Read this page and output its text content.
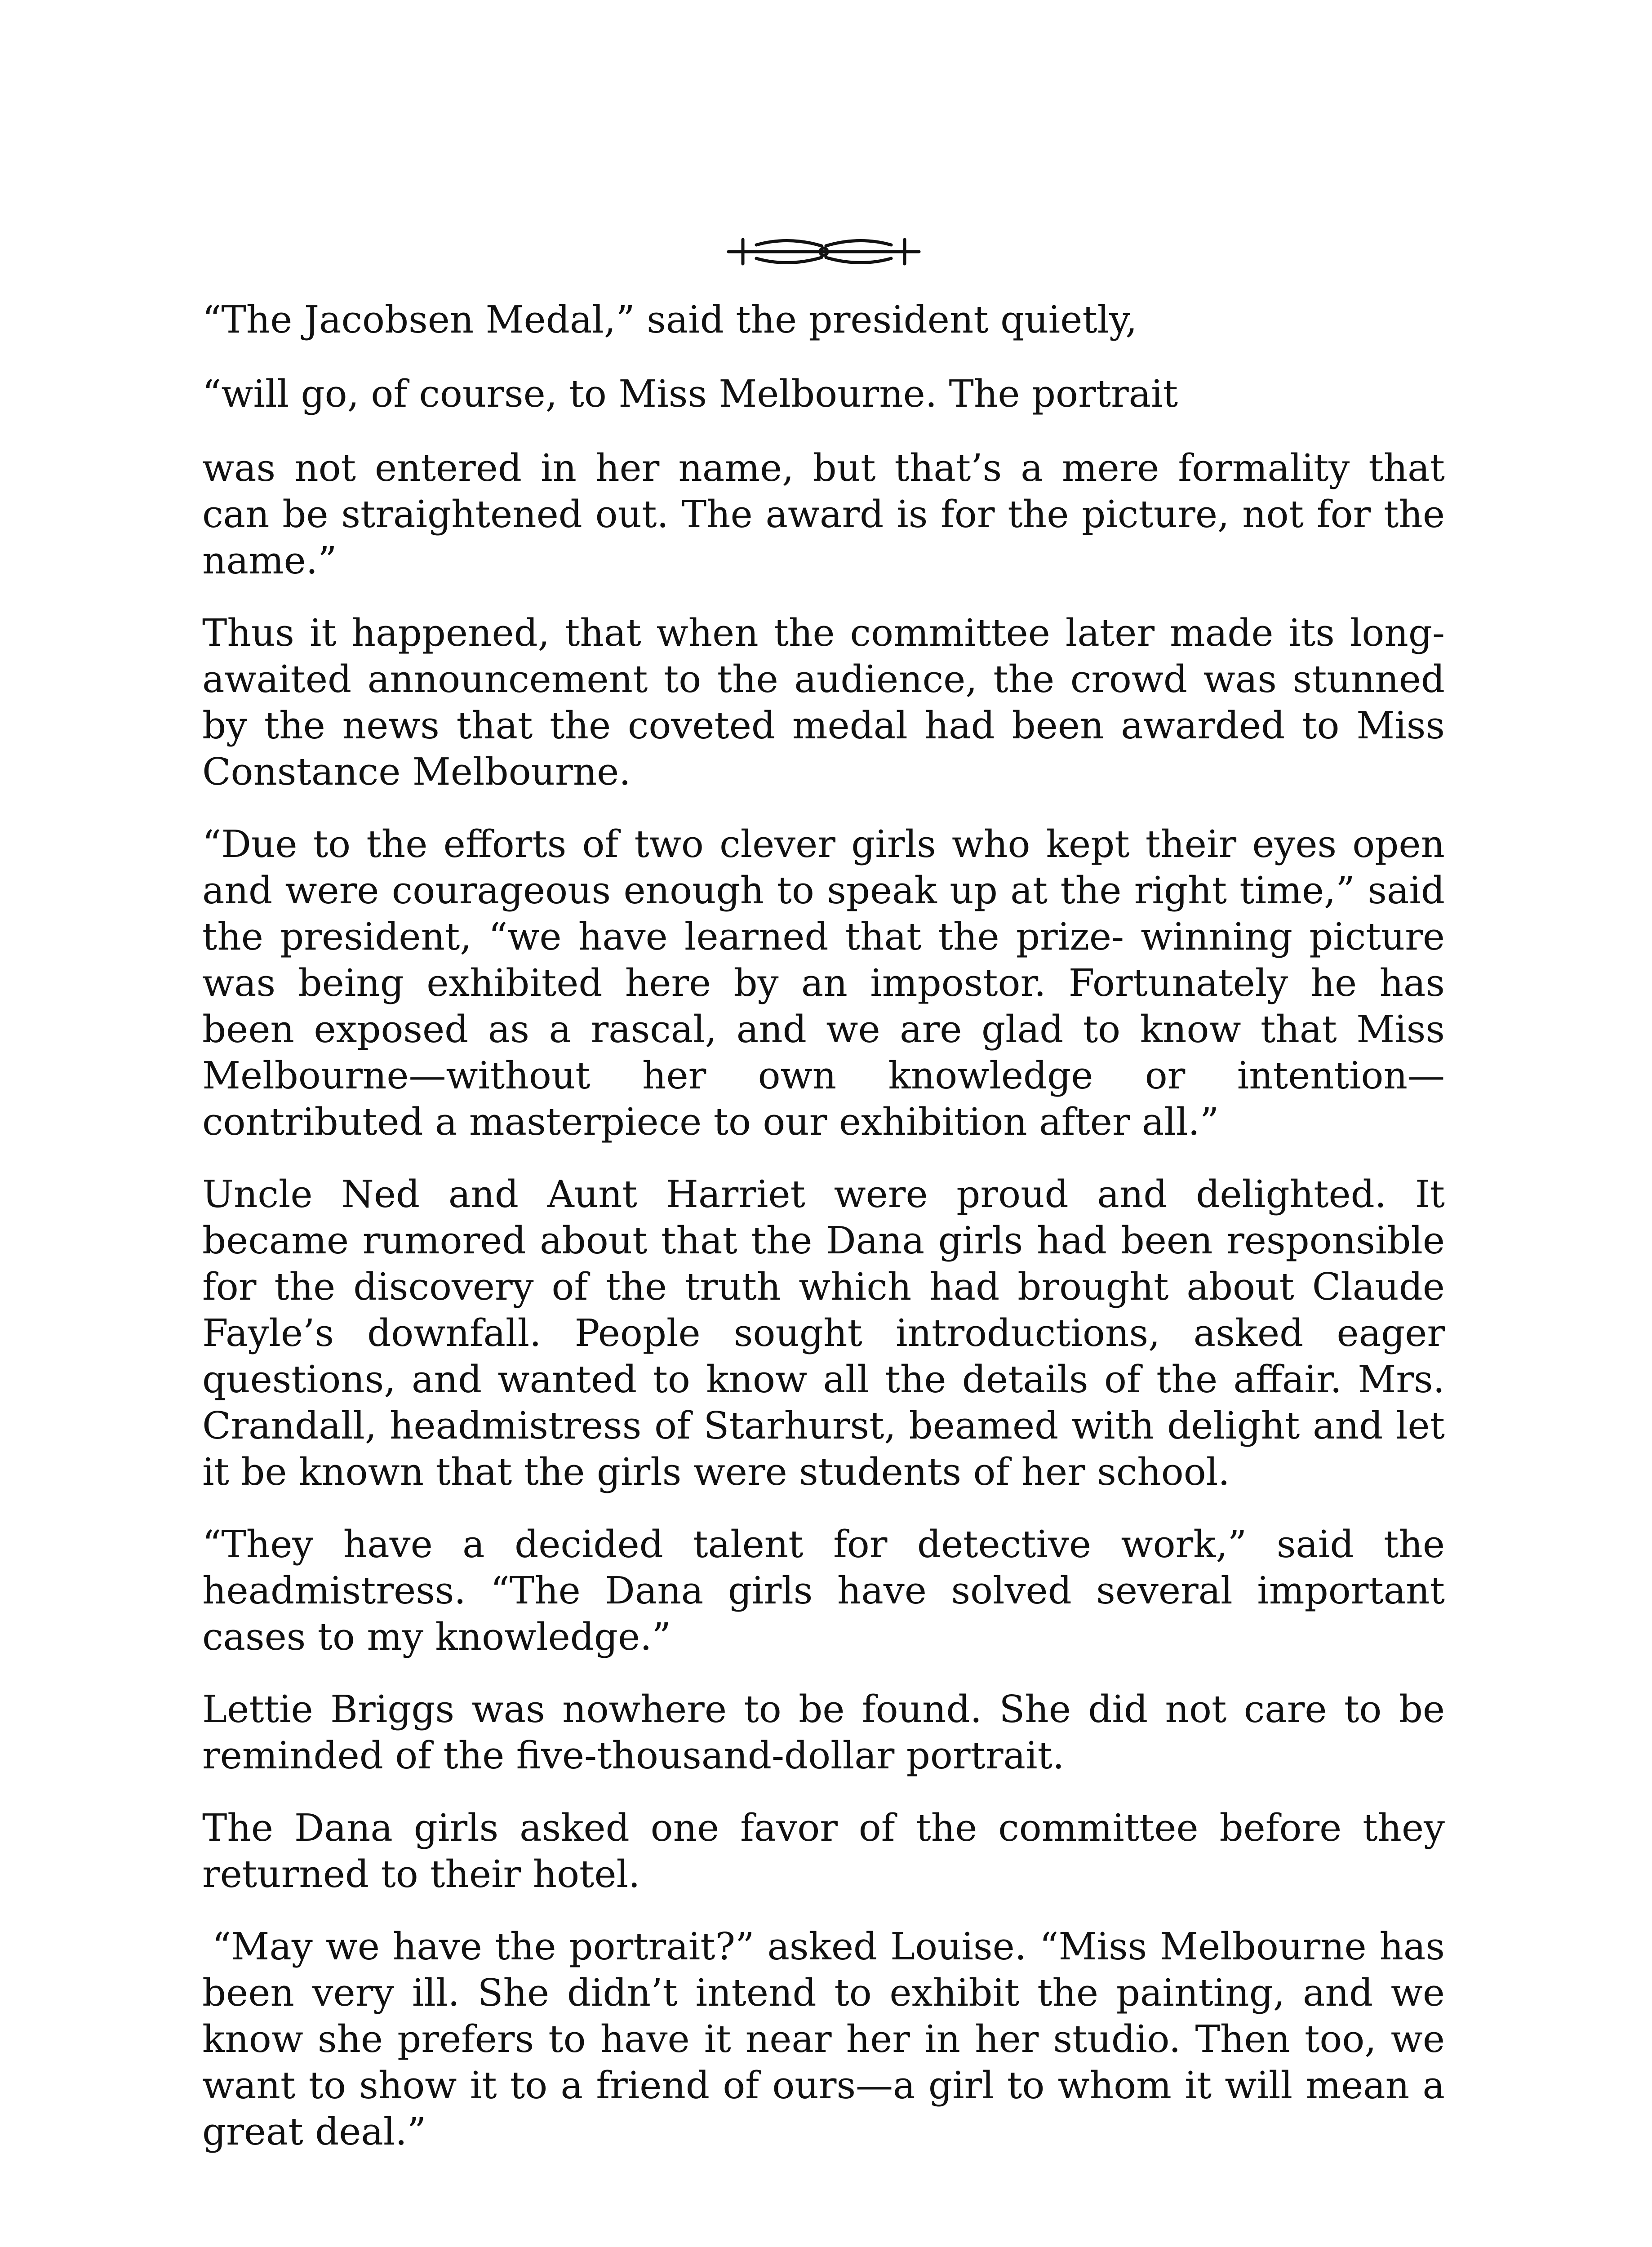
“The Jacobsen Medal,” said the president quietly,

“will go, of course, to Miss Melbourne. The portrait

was not entered in her name, but that’s a mere formality that can be straightened out. The award is for the picture, not for the name.”

Thus it happened, that when the committee later made its long-awaited announcement to the audience, the crowd was stunned by the news that the coveted medal had been awarded to Miss Constance Melbourne.

“Due to the efforts of two clever girls who kept their eyes open and were courageous enough to speak up at the right time,” said the president, “we have learned that the prize- winning picture was being exhibited here by an impostor. Fortunately he has been exposed as a rascal, and we are glad to know that Miss Melbourne—without her own knowledge or intention—contributed a masterpiece to our exhibition after all.”

Uncle Ned and Aunt Harriet were proud and delighted. It became rumored about that the Dana girls had been responsible for the discovery of the truth which had brought about Claude Fayle’s downfall. People sought introductions, asked eager questions, and wanted to know all the details of the affair. Mrs. Crandall, headmistress of Starhurst, beamed with delight and let it be known that the girls were students of her school.

“They have a decided talent for detective work,” said the headmistress. “The Dana girls have solved several important cases to my knowledge.”

Lettie Briggs was nowhere to be found. She did not care to be reminded of the five-thousand-dollar portrait.

The Dana girls asked one favor of the committee before they returned to their hotel.

“May we have the portrait?” asked Louise. “Miss Melbourne has been very ill. She didn’t intend to exhibit the painting, and we know she prefers to have it near her in her studio. Then too, we want to show it to a friend of ours—a girl to whom it will mean a great deal.”
